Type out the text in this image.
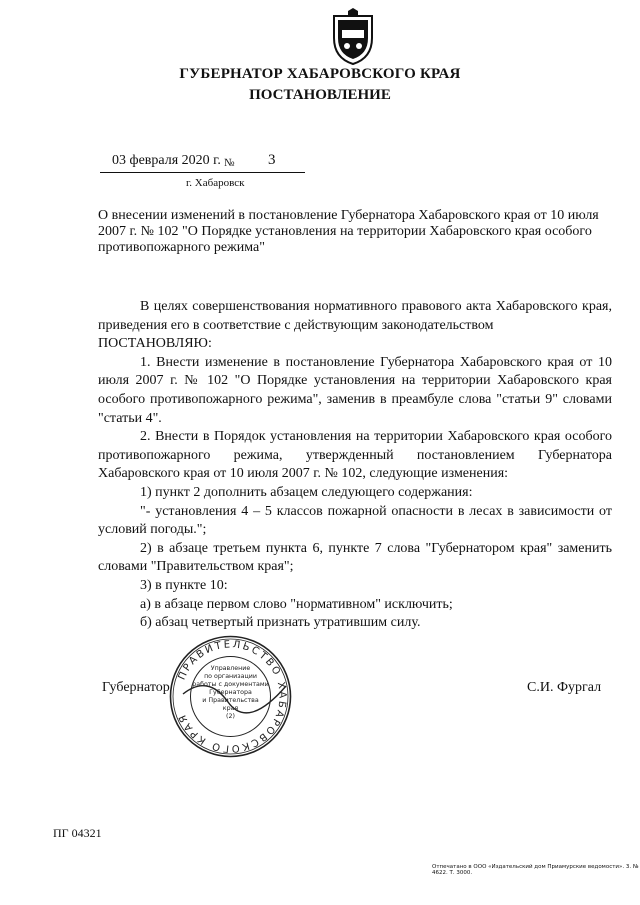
ГУБЕРНАТОР ХАБАРОВСКОГО КРАЯ
ПОСТАНОВЛЕНИЕ
03 февраля 2020 г. № 3
г. Хабаровск
О внесении изменений в постановление Губернатора Хабаровского края от 10 июля 2007 г. № 102 "О Порядке установления на территории Хабаровского края особого противопожарного режима"

В целях совершенствования нормативного правового акта Хабаровского края, приведения его в соответствие с действующим законодательством

ПОСТАНОВЛЯЮ:

1. Внести изменение в постановление Губернатора Хабаровского края от 10 июля 2007 г. № 102 "О Порядке установления на территории Хабаровского края особого противопожарного режима", заменив в преамбуле слова "статьи 9" словами "статьи 4".

2. Внести в Порядок установления на территории Хабаровского края особого противопожарного режима, утвержденный постановлением Губернатора Хабаровского края от 10 июля 2007 г. № 102, следующие изменения:

1) пункт 2 дополнить абзацем следующего содержания:

"- установления 4 – 5 классов пожарной опасности в лесах в зависимости от условий погоды.";

2) в абзаце третьем пункта 6, пункте 7 слова "Губернатором края" заменить словами "Правительством края";

3) в пункте 10:

а) в абзаце первом слово "нормативном" исключить;

б) абзац четвертый признать утратившим силу.

Губернатор	С.И. Фургал
ПРАВИТЕЛЬСТВО ХАБАРОВСКОГО КРАЯ
Управление
по организации
работы с документами
Губернатора
и Правительства
края
(2)
ПГ 04321
Отпечатано в ООО «Издательский дом Приамурские ведомости». 3. № 4622. Т. 3000.
